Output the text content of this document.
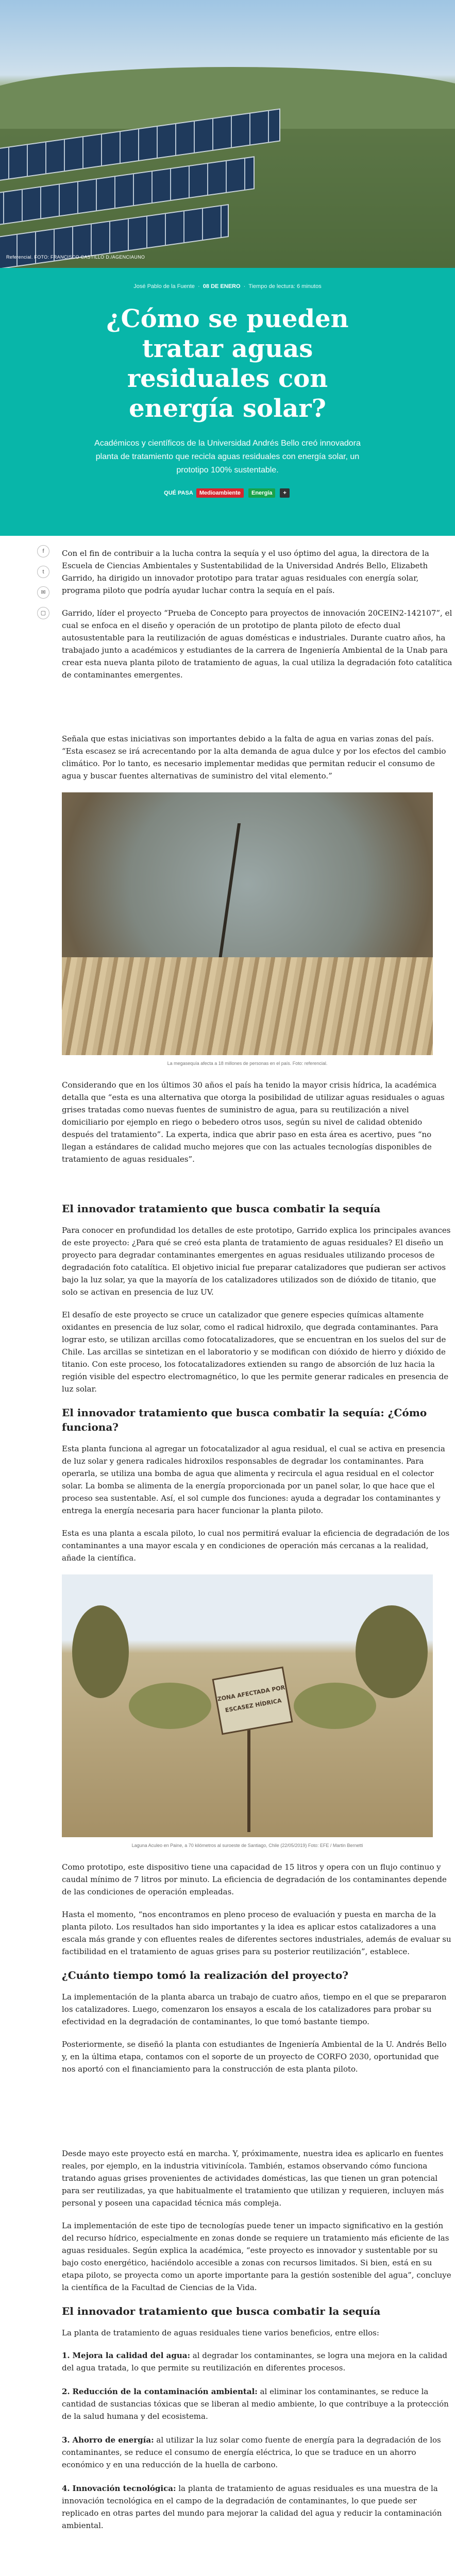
Referencial. FOTO: FRANCISCO CASTILLO D./AGENCIAUNO
José Pablo de la Fuente  ·  08 DE ENERO  ·  Tiempo de lectura: 6 minutos
¿Cómo se pueden tratar aguas residuales con energía solar?
Académicos y científicos de la Universidad Andrés Bello creó innovadora planta de tratamiento que recicla aguas residuales con energía solar, un prototipo 100% sustentable.
QUÉ PASA Medioambiente Energía +
f
t
✉
▢

Con el fin de contribuir a la lucha contra la sequía y el uso óptimo del agua, la directora de la Escuela de Ciencias Ambientales y Sustentabilidad de la Universidad Andrés Bello, Elizabeth Garrido, ha dirigido un innovador prototipo para tratar aguas residuales con energía solar, programa piloto que podría ayudar luchar contra la sequía en el país.

Garrido, líder el proyecto “Prueba de Concepto para proyectos de innovación 20CEIN2-142107”, el cual se enfoca en el diseño y operación de un prototipo de planta piloto de efecto dual autosustentable para la reutilización de aguas domésticas e industriales. Durante cuatro años, ha trabajado junto a académicos y estudiantes de la carrera de Ingeniería Ambiental de la Unab para crear esta nueva planta piloto de tratamiento de aguas, la cual utiliza la degradación foto catalítica de contaminantes emergentes.

Señala que estas iniciativas son importantes debido a la falta de agua en varias zonas del país. “Esta escasez se irá acrecentando por la alta demanda de agua dulce y por los efectos del cambio climático. Por lo tanto, es necesario implementar medidas que permitan reducir el consumo de agua y buscar fuentes alternativas de suministro del vital elemento.”

La megasequía afecta a 18 millones de personas en el país. Foto: referencial.

Considerando que en los últimos 30 años el país ha tenido la mayor crisis hídrica, la académica detalla que “esta es una alternativa que otorga la posibilidad de utilizar aguas residuales o aguas grises tratadas como nuevas fuentes de suministro de agua, para su reutilización a nivel domiciliario por ejemplo en riego o bebedero otros usos, según su nivel de calidad obtenido después del tratamiento”. La experta, indica que abrir paso en esta área es acertivo, pues “no llegan a estándares de calidad mucho mejores que con las actuales tecnologías disponibles de tratamiento de aguas residuales”.

El innovador tratamiento que busca combatir la sequía

Para conocer en profundidad los detalles de este prototipo, Garrido explica los principales avances de este proyecto: ¿Para qué se creó esta planta de tratamiento de aguas residuales? El diseño un proyecto para degradar contaminantes emergentes en aguas residuales utilizando procesos de degradación foto catalítica. El objetivo inicial fue preparar catalizadores que pudieran ser activos bajo la luz solar, ya que la mayoría de los catalizadores utilizados son de dióxido de titanio, que solo se activan en presencia de luz UV.

El desafío de este proyecto se cruce un catalizador que genere especies químicas altamente oxidantes en presencia de luz solar, como el radical hidroxilo, que degrada contaminantes. Para lograr esto, se utilizan arcillas como fotocatalizadores, que se encuentran en los suelos del sur de Chile. Las arcillas se sintetizan en el laboratorio y se modifican con dióxido de hierro y dióxido de titanio. Con este proceso, los fotocatalizadores extienden su rango de absorción de luz hacia la región visible del espectro electromagnético, lo que les permite generar radicales en presencia de luz solar.

El innovador tratamiento que busca combatir la sequía: ¿Cómo funciona?

Esta planta funciona al agregar un fotocatalizador al agua residual, el cual se activa en presencia de luz solar y genera radicales hidroxilos responsables de degradar los contaminantes. Para operarla, se utiliza una bomba de agua que alimenta y recircula el agua residual en el colector solar. La bomba se alimenta de la energía proporcionada por un panel solar, lo que hace que el proceso sea sustentable. Así, el sol cumple dos funciones: ayuda a degradar los contaminantes y entrega la energía necesaria para hacer funcionar la planta piloto.

Esta es una planta a escala piloto, lo cual nos permitirá evaluar la eficiencia de degradación de los contaminantes a una mayor escala y en condiciones de operación más cercanas a la realidad, añade la científica.

ZONA AFECTADA POR ESCASEZ HÍDRICA
Laguna Aculeo en Paine, a 70 kilómetros al suroeste de Santiago, Chile (22/05/2019) Foto: EFE / Martin Bernetti

Como prototipo, este dispositivo tiene una capacidad de 15 litros y opera con un flujo continuo y caudal mínimo de 7 litros por minuto. La eficiencia de degradación de los contaminantes depende de las condiciones de operación empleadas.

Hasta el momento, “nos encontramos en pleno proceso de evaluación y puesta en marcha de la planta piloto. Los resultados han sido importantes y la idea es aplicar estos catalizadores a una escala más grande y con efluentes reales de diferentes sectores industriales, además de evaluar su factibilidad en el tratamiento de aguas grises para su posterior reutilización”, establece.

¿Cuánto tiempo tomó la realización del proyecto?

La implementación de la planta abarca un trabajo de cuatro años, tiempo en el que se prepararon los catalizadores. Luego, comenzaron los ensayos a escala de los catalizadores para probar su efectividad en la degradación de contaminantes, lo que tomó bastante tiempo.

Posteriormente, se diseñó la planta con estudiantes de Ingeniería Ambiental de la U. Andrés Bello y, en la última etapa, contamos con el soporte de un proyecto de CORFO 2030, oportunidad que nos aportó con el financiamiento para la construcción de esta planta piloto.

Desde mayo este proyecto está en marcha. Y, próximamente, nuestra idea es aplicarlo en fuentes reales, por ejemplo, en la industria vitivinícola. También, estamos observando cómo funciona tratando aguas grises provenientes de actividades domésticas, las que tienen un gran potencial para ser reutilizadas, ya que habitualmente el tratamiento que utilizan y requieren, incluyen más personal y poseen una capacidad técnica más compleja.

La implementación de este tipo de tecnologías puede tener un impacto significativo en la gestión del recurso hídrico, especialmente en zonas donde se requiere un tratamiento más eficiente de las aguas residuales. Según explica la académica, “este proyecto es innovador y sustentable por su bajo costo energético, haciéndolo accesible a zonas con recursos limitados. Si bien, está en su etapa piloto, se proyecta como un aporte importante para la gestión sostenible del agua”, concluye la científica de la Facultad de Ciencias de la Vida.

El innovador tratamiento que busca combatir la sequía

La planta de tratamiento de aguas residuales tiene varios beneficios, entre ellos:

1. Mejora la calidad del agua: al degradar los contaminantes, se logra una mejora en la calidad del agua tratada, lo que permite su reutilización en diferentes procesos.
2. Reducción de la contaminación ambiental: al eliminar los contaminantes, se reduce la cantidad de sustancias tóxicas que se liberan al medio ambiente, lo que contribuye a la protección de la salud humana y del ecosistema.
3. Ahorro de energía: al utilizar la luz solar como fuente de energía para la degradación de los contaminantes, se reduce el consumo de energía eléctrica, lo que se traduce en un ahorro económico y en una reducción de la huella de carbono.
4. Innovación tecnológica: la planta de tratamiento de aguas residuales es una muestra de la innovación tecnológica en el campo de la degradación de contaminantes, lo que puede ser replicado en otras partes del mundo para mejorar la calidad del agua y reducir la contaminación ambiental.
